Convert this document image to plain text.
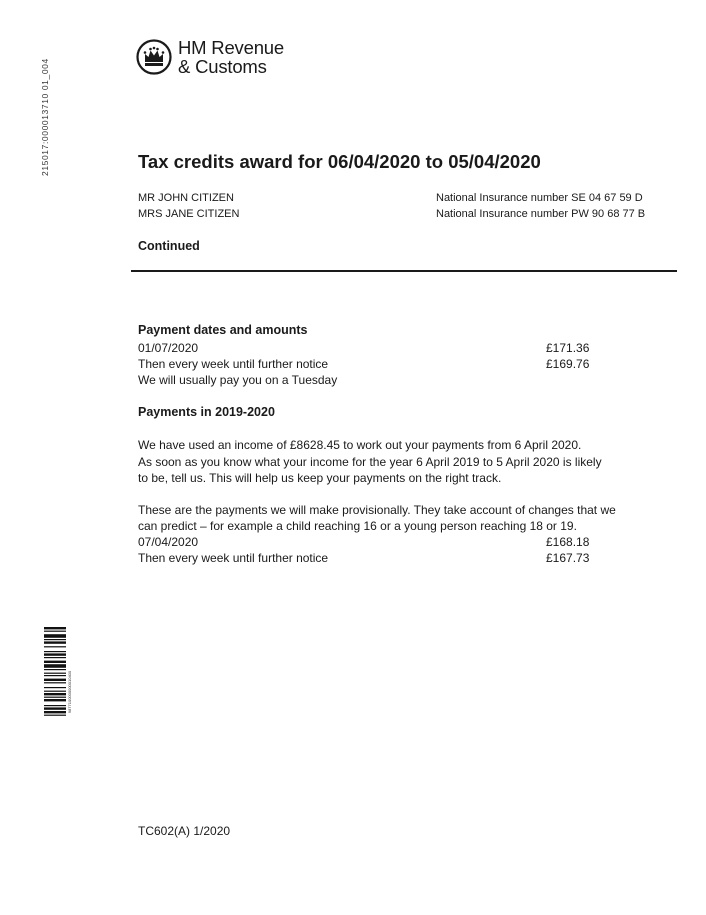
215017:000013710 01_004
HM Revenue
& Customs
Tax credits award for 06/04/2020 to 05/04/2020
MR JOHN CITIZEN
MRS JANE CITIZEN
National Insurance number SE 04 67 59 D
National Insurance number PW 90 68 77 B
Continued
Payment dates and amounts
01/07/2020	£171.36
Then every week until further notice	£169.76
We will usually pay you on a Tuesday
Payments in 2019-2020
We have used an income of £8628.45 to work out your payments from 6 April 2020.
As soon as you know what your income for the year 6 April 2019 to 5 April 2020 is likely
to be, tell us. This will help us keep your payments on the right track.
These are the payments we will make provisionally. They take account of changes that we
can predict – for example a child reaching 16 or a young person reaching 18 or 19.
07/04/2020	£168.18
Then every week until further notice	£167.73
9877100000000010400
TC602(A) 1/2020
